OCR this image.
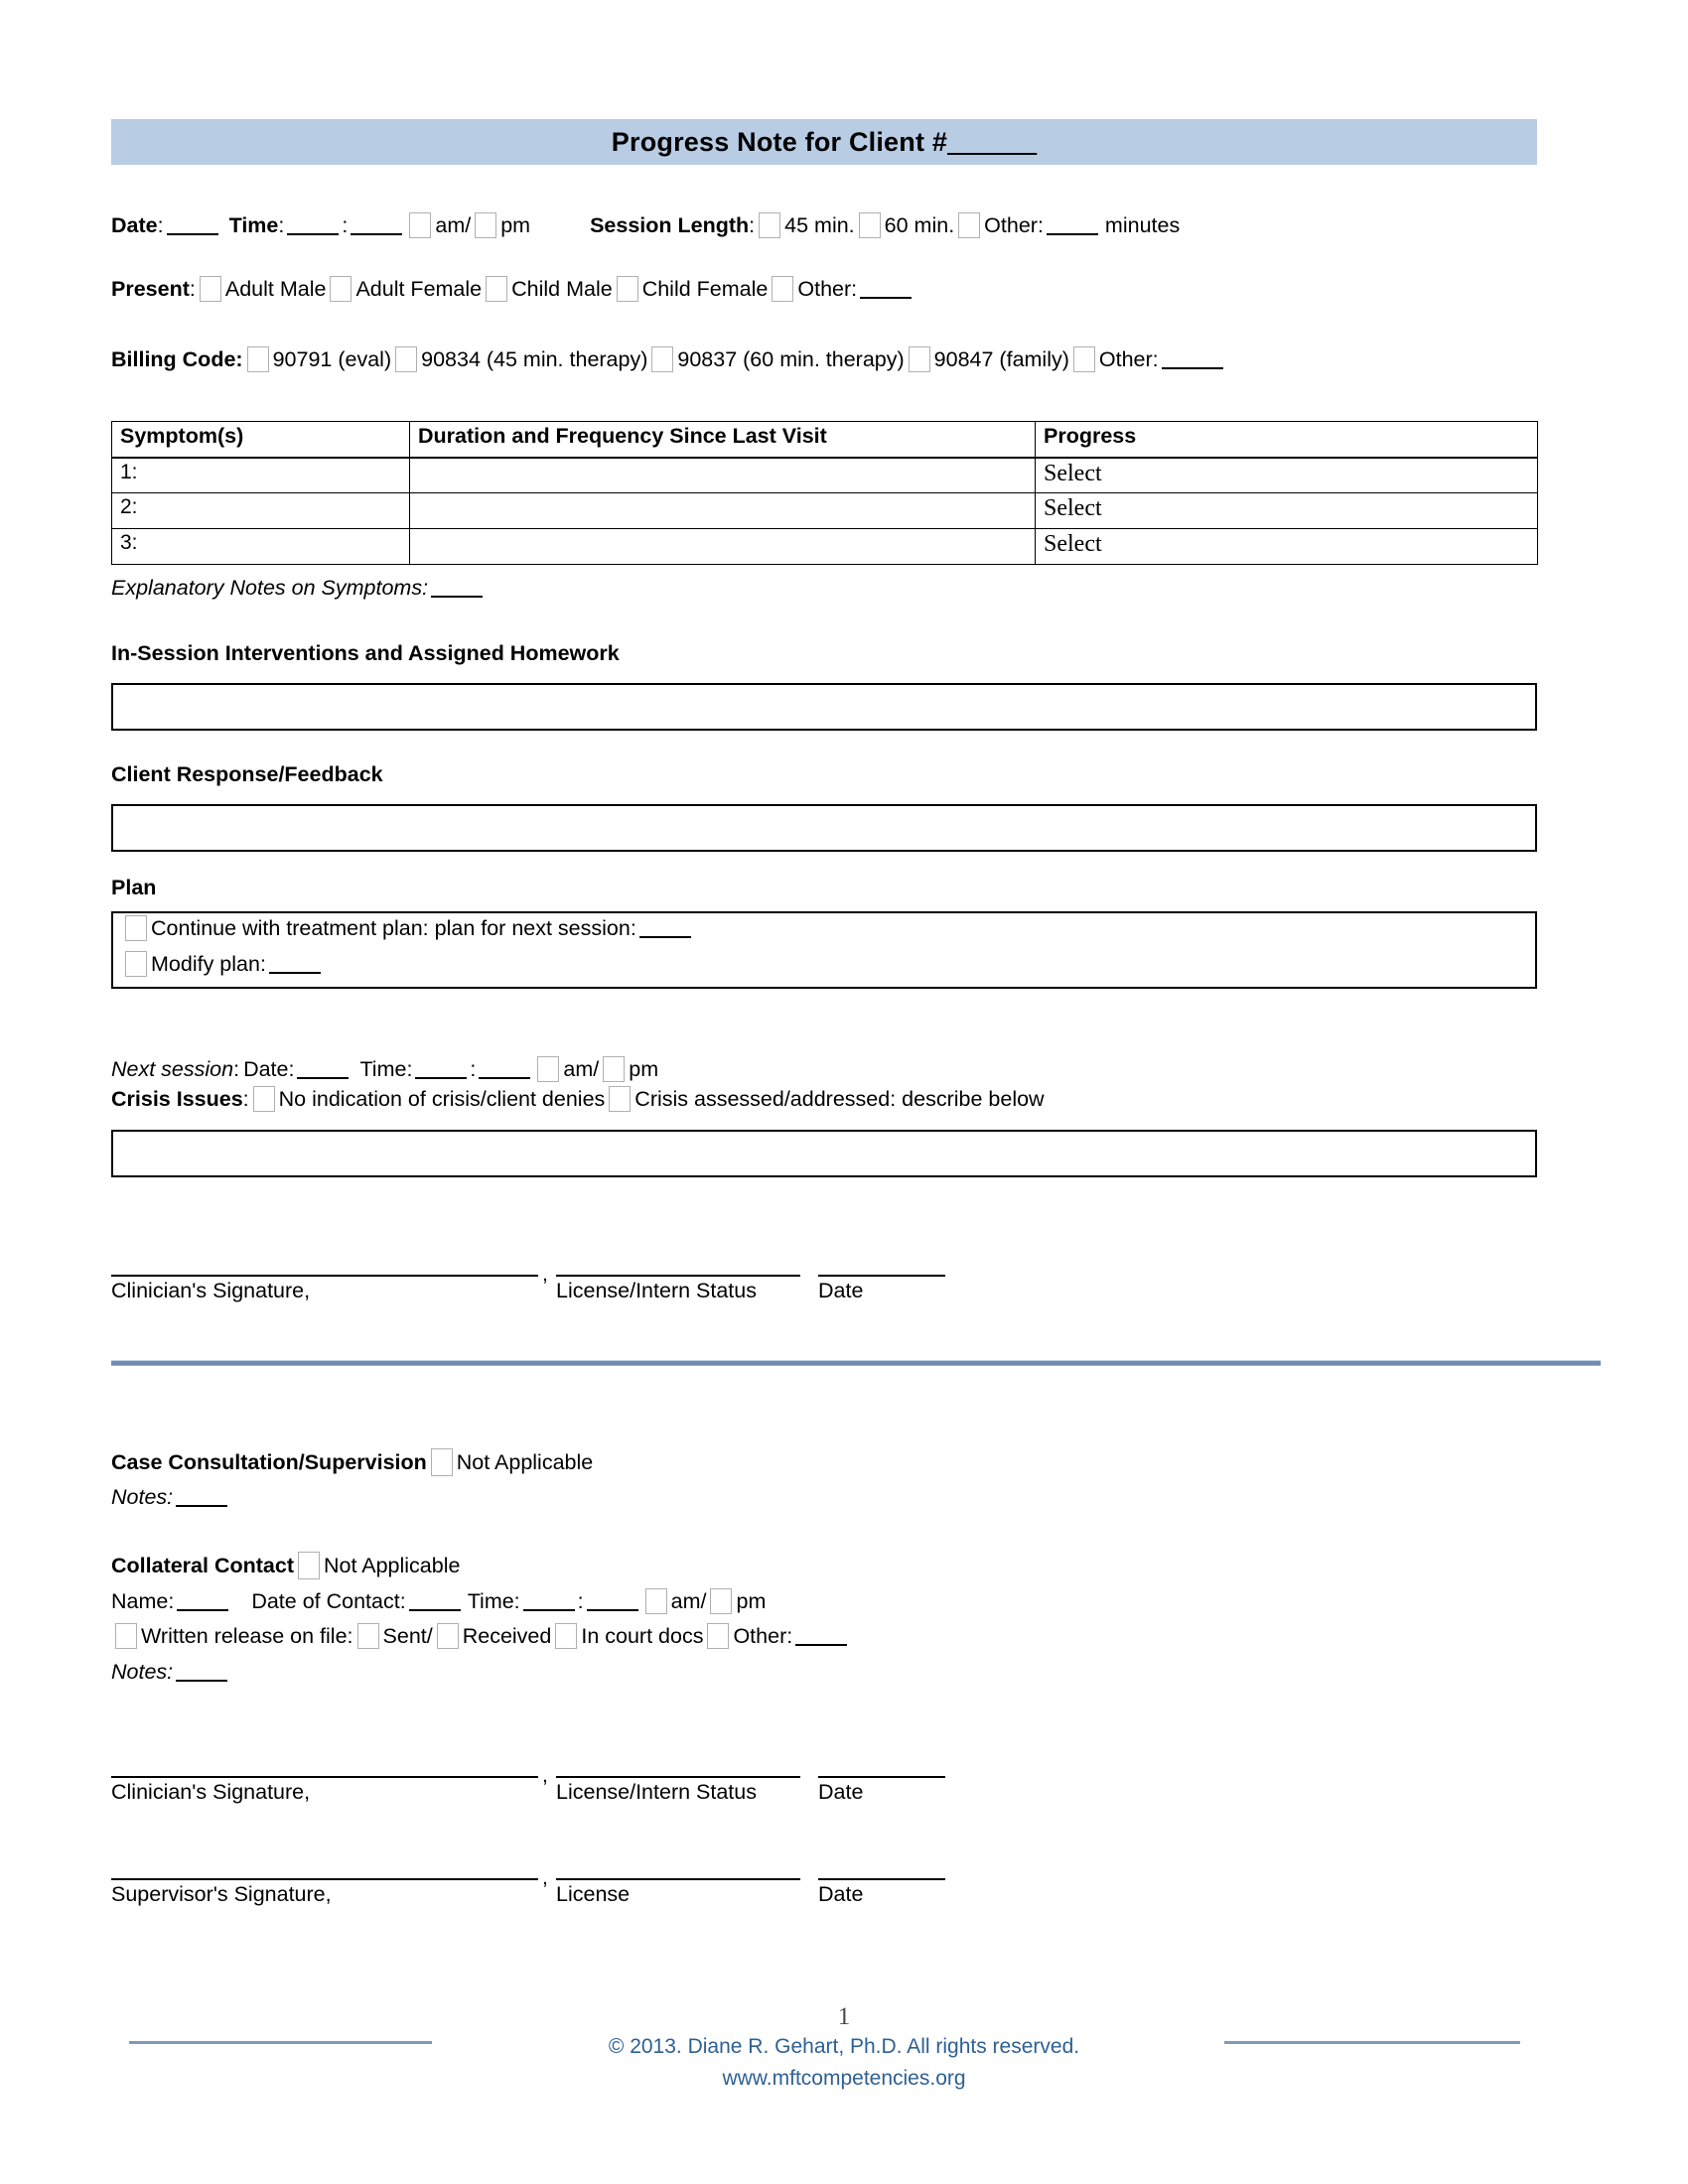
Progress Note for Client #______
Date :	Time :	:	am/ pm	Session Length : 45 min. 60 min. Other:	minutes
Present : Adult Male Adult Female Child Male Child Female Other:
Billing Code: 90791 (eval) 90834 (45 min. therapy) 90837 (60 min. therapy) 90847 (family) Other:
Symptom(s)	Duration and Frequency Since Last Visit	Progress
1:		Select
2:		Select
3:		Select
Explanatory Notes on Symptoms:
In-Session Interventions and Assigned Homework
Client Response/Feedback
Plan
Continue with treatment plan: plan for next session:
Modify plan:
Next session : Date:	Time:	:	am/ pm
Crisis Issues : No indication of crisis/client denies Crisis assessed/addressed: describe below
,
Clinician's Signature,	License/Intern Status	Date
Case Consultation/Supervision Not Applicable
Notes:
Collateral Contact Not Applicable
Name:	Date of Contact:	Time:	:	am/ pm
Written release on file: Sent/ Received In court docs Other:
Notes:
,
Clinician's Signature,	License/Intern Status	Date
,
Supervisor's Signature,	License	Date
1
© 2013. Diane R. Gehart, Ph.D. All rights reserved.
www.mftcompetencies.org
